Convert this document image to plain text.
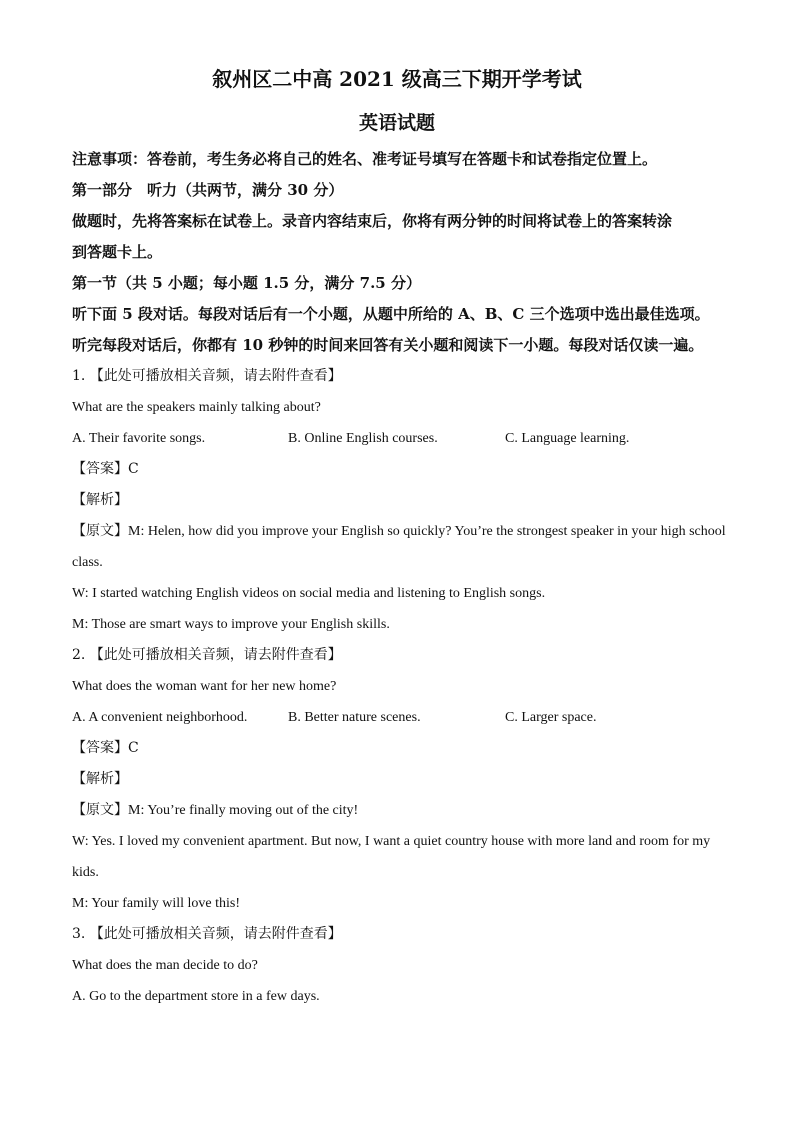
叙州区二中高 2021 级高三下期开学考试

英语试题

注意事项：答卷前，考生务必将自己的姓名、准考证号填写在答题卡和试卷指定位置上。

第一部分　听力（共两节，满分 30 分）

做题时，先将答案标在试卷上。录音内容结束后，你将有两分钟的时间将试卷上的答案转涂

到答题卡上。

第一节（共 5 小题；每小题 1.5 分，满分 7.5 分）

听下面 5 段对话。每段对话后有一个小题，从题中所给的 A、B、C 三个选项中选出最佳选项。

听完每段对话后，你都有 10 秒钟的时间来回答有关小题和阅读下一小题。每段对话仅读一遍。

1. 【此处可播放相关音频，请去附件查看】

What are the speakers mainly talking about?

A. Their favorite songs.	B. Online English courses.	C. Language learning.

【答案】C

【解析】

【原文】M: Helen, how did you improve your English so quickly? You’re the strongest speaker in your high school

class.

W: I started watching English videos on social media and listening to English songs.

M: Those are smart ways to improve your English skills.

2. 【此处可播放相关音频，请去附件查看】

What does the woman want for her new home?

A. A convenient neighborhood.	B. Better nature scenes.	C. Larger space.

【答案】C

【解析】

【原文】M: You’re finally moving out of the city!

W: Yes. I loved my convenient apartment. But now, I want a quiet country house with more land and room for my

kids.

M: Your family will love this!

3. 【此处可播放相关音频，请去附件查看】

What does the man decide to do?

A. Go to the department store in a few days.
